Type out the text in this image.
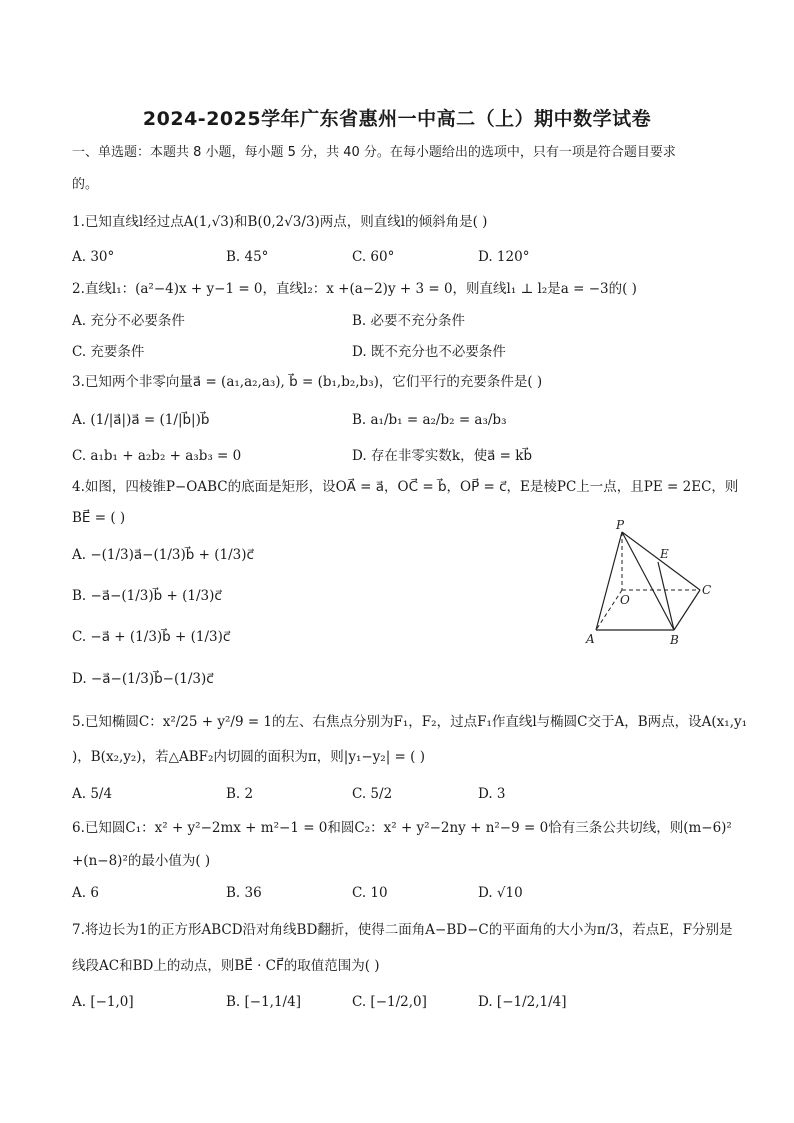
2024-2025学年广东省惠州一中高二（上）期中数学试卷
一、单选题：本题共 8 小题，每小题 5 分，共 40 分。在每小题给出的选项中，只有一项是符合题目要求
的。
1.已知直线l经过点A(1,√3)和B(0,2√3/3)两点，则直线l的倾斜角是( )
A. 30°	B. 45°	C. 60°	D. 120°
2.直线l₁：(a²−4)x + y−1 = 0，直线l₂：x +(a−2)y + 3 = 0，则直线l₁ ⊥ l₂是a = −3的( )
A. 充分不必要条件	B. 必要不充分条件
C. 充要条件	D. 既不充分也不必要条件
3.已知两个非零向量a⃗ = (a₁,a₂,a₃), b⃗ = (b₁,b₂,b₃)，它们平行的充要条件是( )
A. (1/|a⃗|)a⃗ = (1/|b⃗|)b⃗	B. a₁/b₁ = a₂/b₂ = a₃/b₃
C. a₁b₁ + a₂b₂ + a₃b₃ = 0	D. 存在非零实数k，使a⃗ = kb⃗
4.如图，四棱锥P−OABC的底面是矩形，设OA⃗ = a⃗，OC⃗ = b⃗，OP⃗ = c⃗，E是棱PC上一点，且PE = 2EC，则
BE⃗ = ( )
A. −(1/3)a⃗−(1/3)b⃗ + (1/3)c⃗
B. −a⃗−(1/3)b⃗ + (1/3)c⃗
C. −a⃗ + (1/3)b⃗ + (1/3)c⃗
D. −a⃗−(1/3)b⃗−(1/3)c⃗
P
E
C
O
A	B
5.已知椭圆C：x²/25 + y²/9 = 1的左、右焦点分别为F₁，F₂，过点F₁作直线l与椭圆C交于A，B两点，设A(x₁,y₁
)，B(x₂,y₂)，若△ABF₂内切圆的面积为π，则|y₁−y₂| = ( )
A. 5/4	B. 2	C. 5/2	D. 3
6.已知圆C₁：x² + y²−2mx + m²−1 = 0和圆C₂：x² + y²−2ny + n²−9 = 0恰有三条公共切线，则(m−6)²
+(n−8)²的最小值为( )
A. 6	B. 36	C. 10	D. √10
7.将边长为1的正方形ABCD沿对角线BD翻折，使得二面角A−BD−C的平面角的大小为π/3，若点E，F分别是
线段AC和BD上的动点，则BE⃗ · CF⃗的取值范围为( )
A. [−1,0]	B. [−1,1/4]	C. [−1/2,0]	D. [−1/2,1/4]
